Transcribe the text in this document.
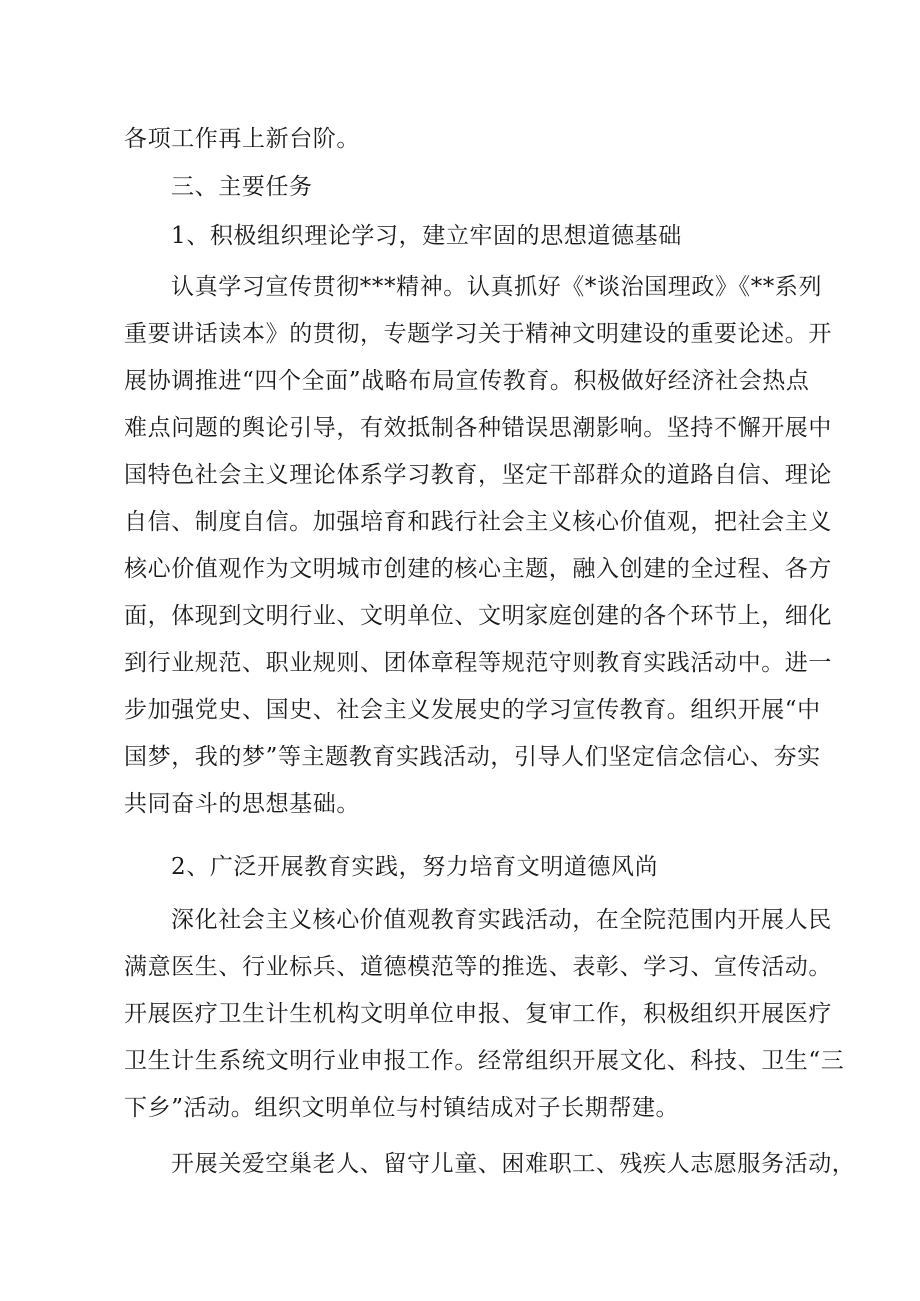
各项工作再上新台阶。
三、主要任务
1、积极组织理论学习，建立牢固的思想道德基础
认真学习宣传贯彻***精神。认真抓好《*谈治国理政》《**系列
重要讲话读本》的贯彻，专题学习关于精神文明建设的重要论述。开
展协调推进“四个全面”战略布局宣传教育。积极做好经济社会热点
难点问题的舆论引导，有效抵制各种错误思潮影响。坚持不懈开展中
国特色社会主义理论体系学习教育，坚定干部群众的道路自信、理论
自信、制度自信。加强培育和践行社会主义核心价值观，把社会主义
核心价值观作为文明城市创建的核心主题，融入创建的全过程、各方
面，体现到文明行业、文明单位、文明家庭创建的各个环节上，细化
到行业规范、职业规则、团体章程等规范守则教育实践活动中。进一
步加强党史、国史、社会主义发展史的学习宣传教育。组织开展“中
国梦，我的梦”等主题教育实践活动，引导人们坚定信念信心、夯实
共同奋斗的思想基础。
2、广泛开展教育实践，努力培育文明道德风尚
深化社会主义核心价值观教育实践活动，在全院范围内开展人民
满意医生、行业标兵、道德模范等的推选、表彰、学习、宣传活动。
开展医疗卫生计生机构文明单位申报、复审工作，积极组织开展医疗
卫生计生系统文明行业申报工作。经常组织开展文化、科技、卫生“三
下乡”活动。组织文明单位与村镇结成对子长期帮建。
开展关爱空巢老人、留守儿童、困难职工、残疾人志愿服务活动，
